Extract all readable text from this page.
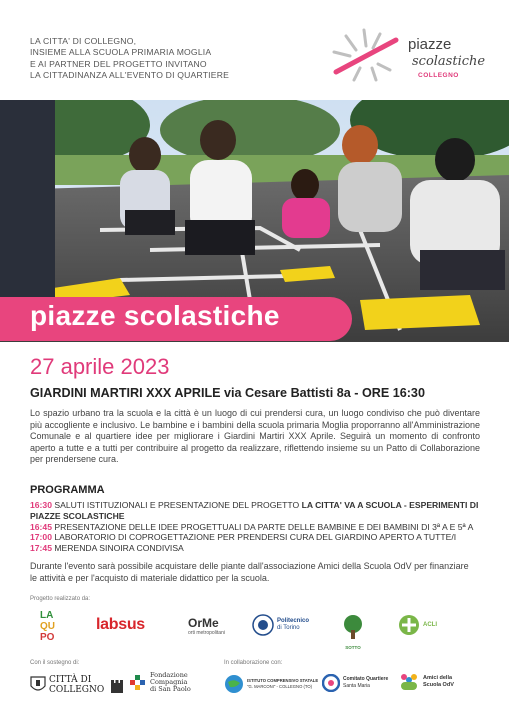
LA CITTA' DI COLLEGNO,
INSIEME ALLA SCUOLA PRIMARIA MOGLIA
E AI PARTNER DEL PROGETTO INVITANO
LA CITTADINANZA ALL'EVENTO DI QUARTIERE
piazze
scolastiche
COLLEGNO
piazze scolastiche
27 aprile 2023
GIARDINI MARTIRI XXX APRILE via Cesare Battisti 8a - ORE 16:30
Lo spazio urbano tra la scuola e la città è un luogo di cui prendersi cura, un luogo condiviso che può diventare più accogliente e inclusivo. Le bambine e i bambini della scuola primaria Moglia proporranno all'Amministrazione Comunale e al quartiere idee per migliorare i Giardini Martiri XXX Aprile. Seguirà un momento di confronto aperto a tutte e a tutti per contribuire al progetto da realizzare, riflettendo insieme su un Patto di Collaborazione per prendersene cura.
PROGRAMMA
16:30 SALUTI ISTITUZIONALI E PRESENTAZIONE DEL PROGETTO LA CITTA' VA A SCUOLA - ESPERIMENTI DI PIAZZE SCOLASTICHE
16:45 PRESENTAZIONE DELLE IDEE PROGETTUALI DA PARTE DELLE BAMBINE E DEI BAMBINI DI 3ª A E 5ª A
17:00 LABORATORIO DI COPROGETTAZIONE PER PRENDERSI CURA DEL GIARDINO APERTO A TUTTE/I
17:45 MERENDA SINOIRA CONDIVISA
Durante l'evento sarà possibile acquistare delle piante dall'associazione Amici della Scuola OdV per finanziare le attività e per l'acquisto di materiale didattico per la scuola.
Progetto realizzato da:
LA
QU
PO
labsus	OrMe
orti metropolitani
Politecnico
di Torino
SOTTO
ACLI
Con il sostegno di:
CITTÀ DI COLLEGNO
Fondazione
Compagnia
di San Paolo
In collaborazione con:
ISTITUTO COMPRENSIVO STATALE
"G. MARCONI" - COLLEGNO (TO)
Comitato Quartiere
Santa Maria
Amici della
Scuola OdV
